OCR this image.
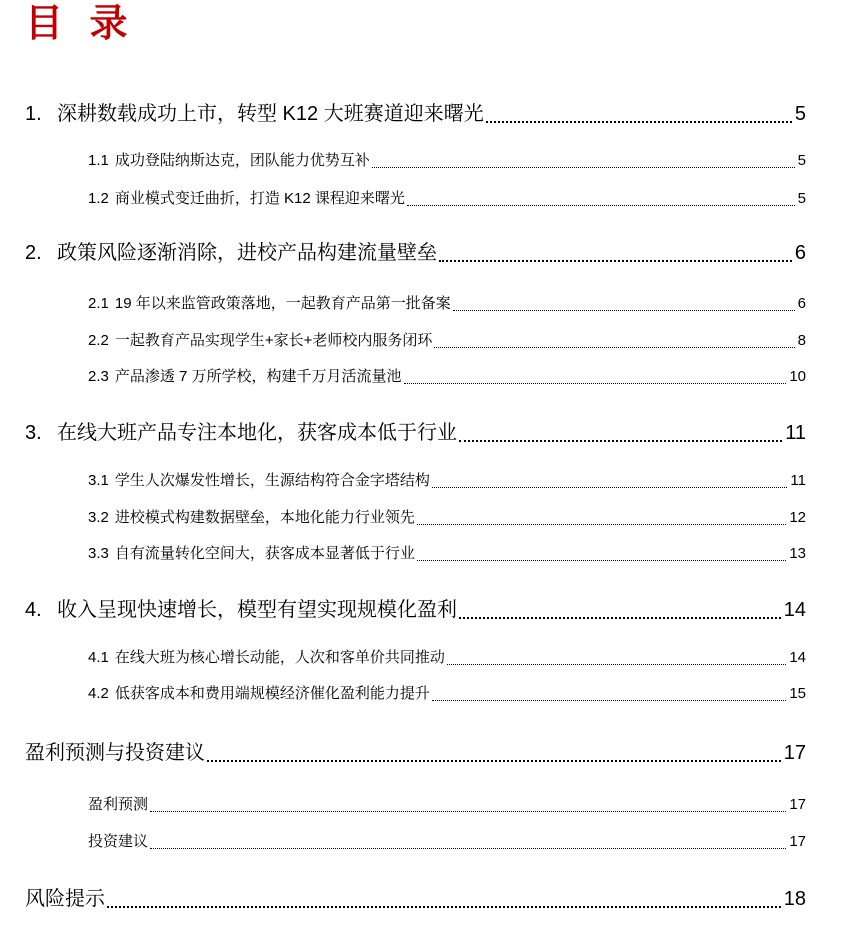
目 录
1. 深耕数载成功上市，转型 K12 大班赛道迎来曙光	5
1.1 成功登陆纳斯达克，团队能力优势互补	5
1.2 商业模式变迁曲折，打造 K12 课程迎来曙光	5
2. 政策风险逐渐消除，进校产品构建流量壁垒	6
2.1 19 年以来监管政策落地，一起教育产品第一批备案	6
2.2 一起教育产品实现学生+家长+老师校内服务闭环	8
2.3 产品渗透 7 万所学校，构建千万月活流量池	10
3. 在线大班产品专注本地化，获客成本低于行业	11
3.1 学生人次爆发性增长，生源结构符合金字塔结构	11
3.2 进校模式构建数据壁垒，本地化能力行业领先	12
3.3 自有流量转化空间大，获客成本显著低于行业	13
4. 收入呈现快速增长，模型有望实现规模化盈利	14
4.1 在线大班为核心增长动能，人次和客单价共同推动	14
4.2 低获客成本和费用端规模经济催化盈利能力提升	15
盈利预测与投资建议	17
盈利预测	17
投资建议	17
风险提示	18
